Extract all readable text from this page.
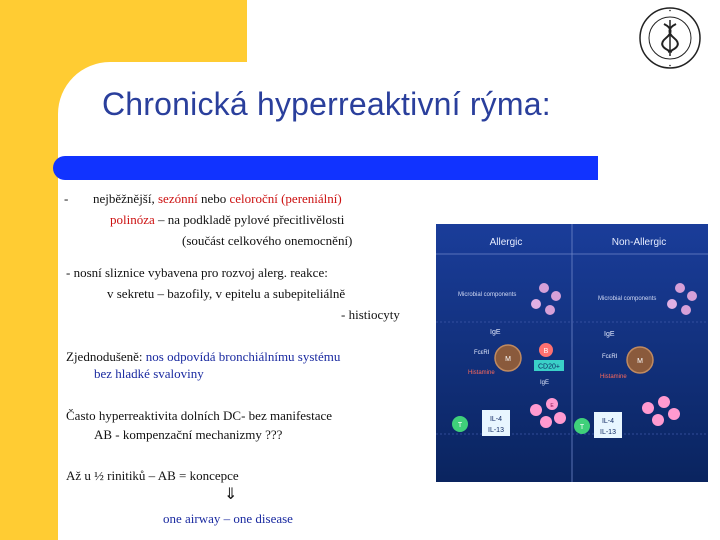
Chronická hyperreaktivní rýma:
- nejběžnější, sezónní nebo celoroční (pereniální)
polinóza – na podkladě pylové přecitlivělosti
(součást celkového onemocnění)
- nosní sliznice vybavena pro rozvoj alerg. reakce:
v sekretu – bazofily, v epitelu a subepiteliálně
- histiocyty
Zjednodušeně: nos odpovídá bronchiálnímu systému
bez hladké svaloviny
Často hyperreaktivita dolních DC- bez manifestace
AB - kompenzační mechanizmy ???
Až u ½ rinitiků – AB = koncepce
⇓
one airway – one disease
Allergic	Non-Allergic
Microbial components
Microbial components
IgE	IgE
FcεRI
FcεRI
M	M
Histamine
Histamine
B
CD20+
IgE
T
IL-4
IL-13	T
IL-4
IL-13
E
